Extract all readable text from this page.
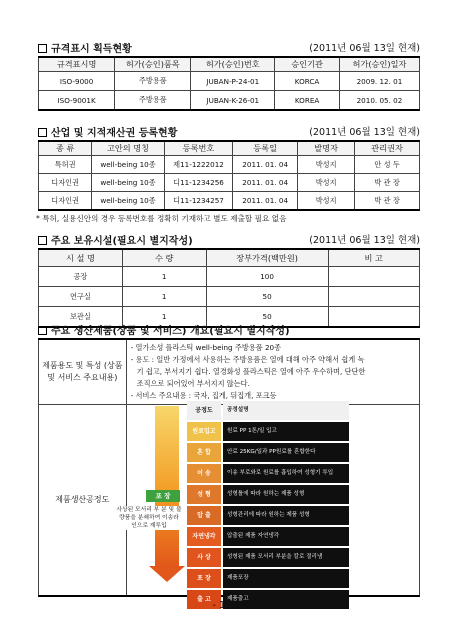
규격표시 획득현황	(2011년 06월 13일 현재)
규격표시명	허가(승인)품목	허가(승인)번호	승인기관	허가(승인)일자
ISO-9000	주방용품	JUBAN-P-24-01	KORCA	2009. 12. 01
ISO-9001K	주방용품	JUBAN-K-26-01	KOREA	2010. 05. 02
산업 및 지적재산권 등록현황	(2011년 06월 13일 현재)
종 류	고안의 명칭	등록번호	등록일	발명자	관리권자
특허권	well-being 10종	제11-1222012	2011. 01. 04	박성지	안 성 두
디자인권	well-being 10종	디11-1234256	2011. 01. 04	박성지	박 관 장
디자인권	well-being 10종	디11-1234257	2011. 01. 04	박성지	박 관 장
* 특허, 실용신안의 경우 등록번호를 정확히 기재하고 별도 제출할 필요 없음
주요 보유시설(필요시 별지작성)	(2011년 06월 13일 현재)
시 설 명	수 량	장부가격(백만원)	비 고
공장	1	100	
연구실	1	50	
보관실	1	50	
주요 생산제품(상품 및 서비스) 개요(필요시 별지작성)
제품용도 및 특성 (상품 및 서비스 주요내용)	- 열가소성 플라스틱 well-being 주방용품 20종
- 용도 : 일반 가정에서 사용하는 주방용품은 열에 대해 아주 약해서 쉽게 녹
기 쉽고, 부서지기 쉽다. 열경화성 플라스틱은 열에 아주 우수하며, 단단한
조직으로 되어있어 부서지지 않는다.
- 서비스 주요내용 : 국자, 집게, 뒤집개, 포크등

제품생산공정도		포 장
사상된 모서리 부 분 및 불량품을 분쇄하여 이송라 인으로 재투입
공정도	공정설명
원료입고	원료 PP 1톤/일 입고
혼 합	안료 25KG/일과 PP원료를 혼합한다
이 송	이송 부로와로 원료를 흡입하여 성형기 투입
성 형	성형틀에 따라 원하는 제품 성형
압 출	성형관리에 따라 원하는 제품 성형
자연냉각	압출된 제품 자연냉각
사 상	성형된 제품 모서리 부분을 칼로 절리냄
포 장	제품포장
출 고	제품출고
- 12 -
